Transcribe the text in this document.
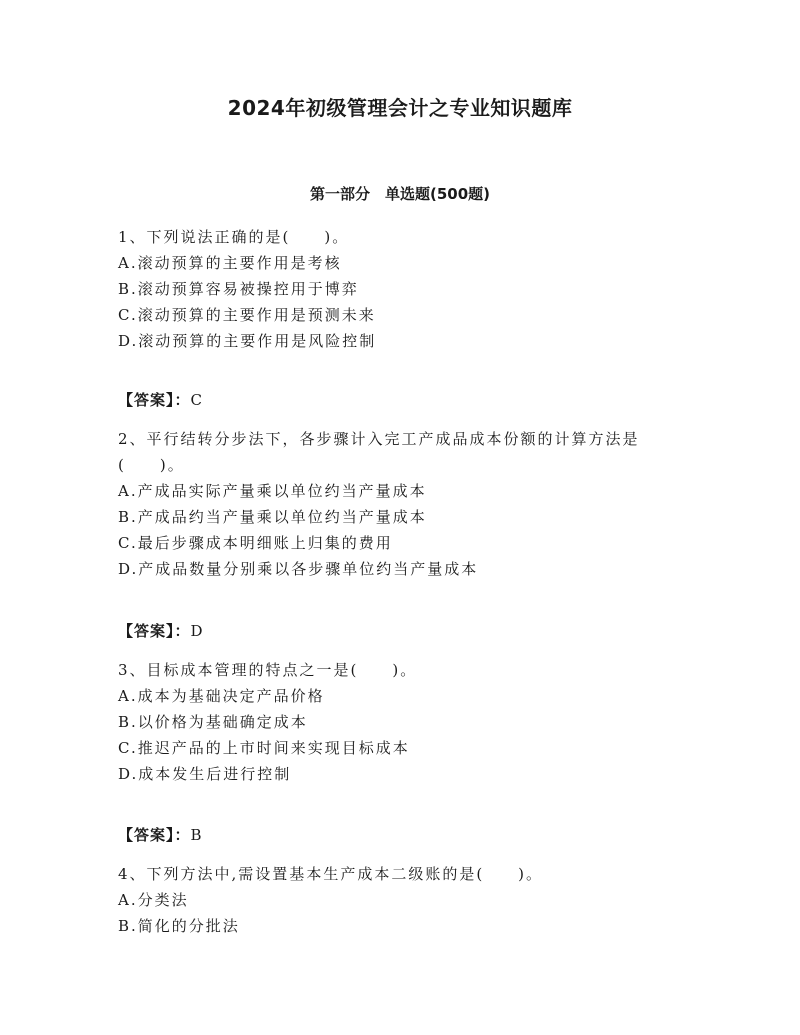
2024年初级管理会计之专业知识题库
第一部分　单选题(500题)
1、下列说法正确的是(　　)。
A.滚动预算的主要作用是考核
B.滚动预算容易被操控用于博弈
C.滚动预算的主要作用是预测未来
D.滚动预算的主要作用是风险控制
【答案】：C
2、平行结转分步法下，各步骤计入完工产成品成本份额的计算方法是
(　　)。
A.产成品实际产量乘以单位约当产量成本
B.产成品约当产量乘以单位约当产量成本
C.最后步骤成本明细账上归集的费用
D.产成品数量分别乘以各步骤单位约当产量成本
【答案】：D
3、目标成本管理的特点之一是(　　)。
A.成本为基础决定产品价格
B.以价格为基础确定成本
C.推迟产品的上市时间来实现目标成本
D.成本发生后进行控制
【答案】：B
4、下列方法中,需设置基本生产成本二级账的是(　　)。
A.分类法
B.简化的分批法
